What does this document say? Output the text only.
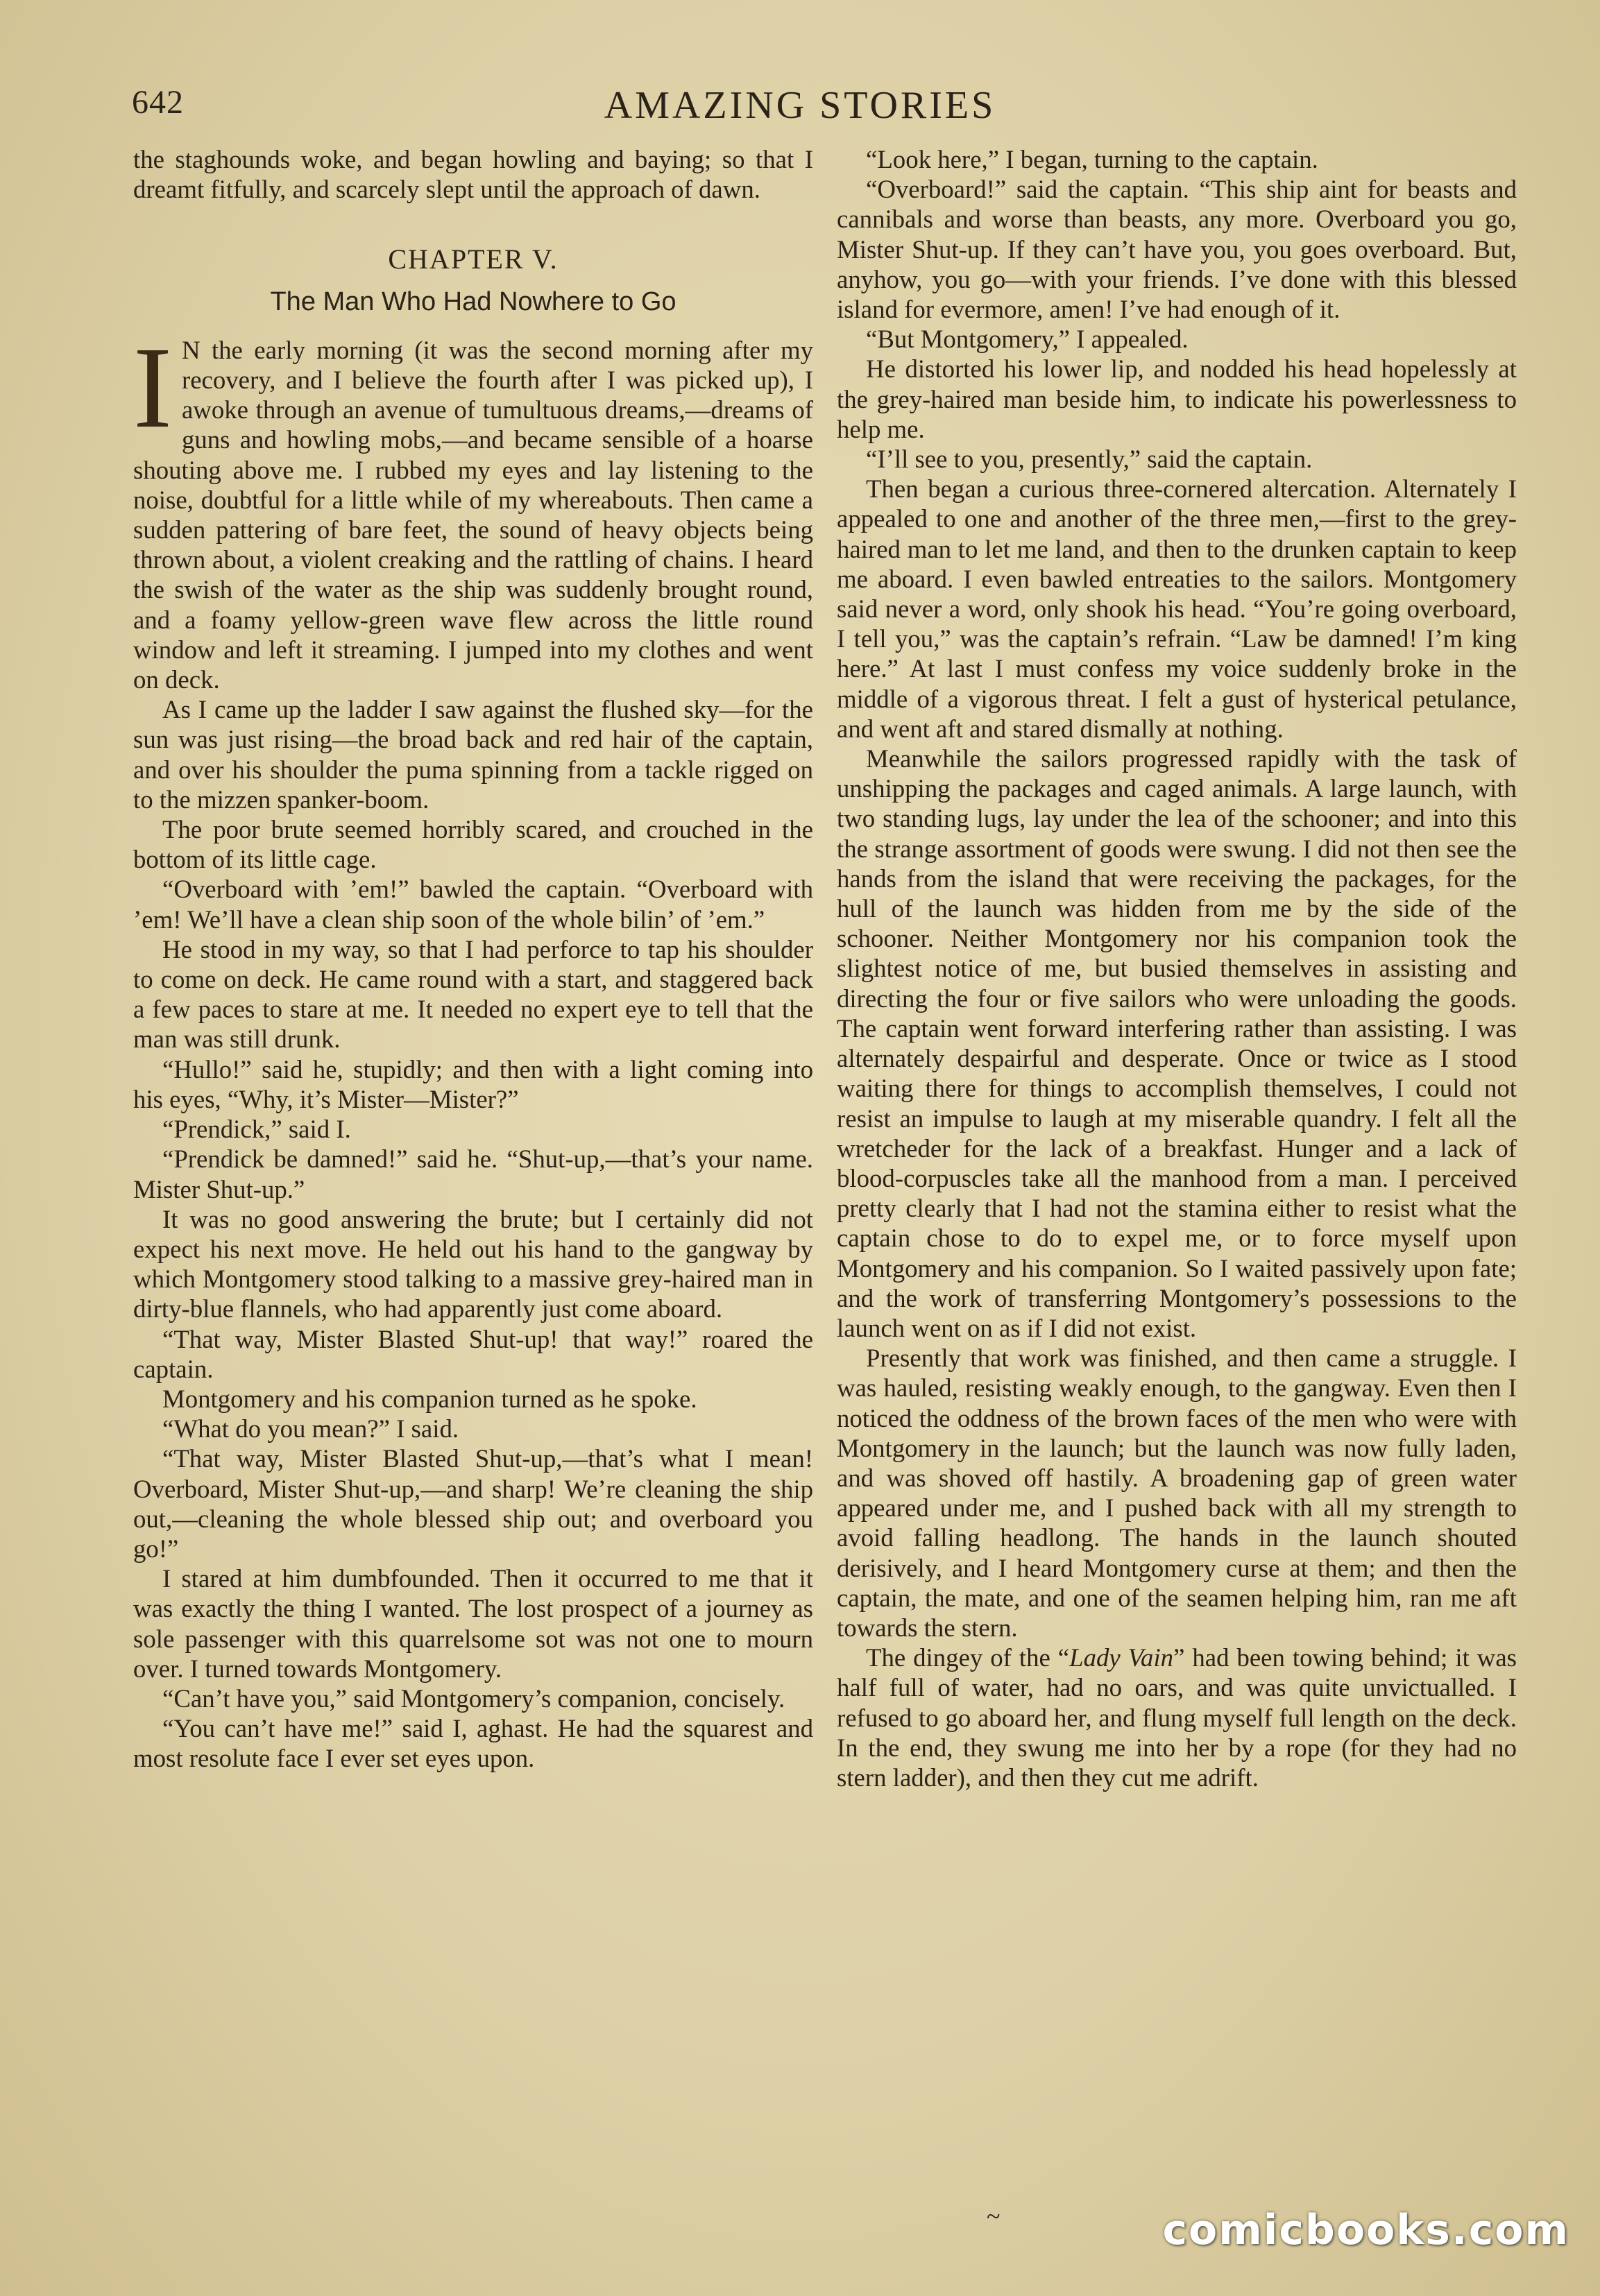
642	AMAZING STORIES

the staghounds woke, and began howling and baying; so that I dreamt fitfully, and scarcely slept until the approach of dawn.

CHAPTER V.
The Man Who Had Nowhere to Go

I N the early morning (it was the second morning after my recovery, and I believe the fourth after I was picked up), I awoke through an avenue of tumultuous dreams,—dreams of guns and howling mobs,—and became sensible of a hoarse shouting above me. I rubbed my eyes and lay listening to the noise, doubtful for a little while of my whereabouts. Then came a sudden pattering of bare feet, the sound of heavy objects being thrown about, a violent creaking and the rattling of chains. I heard the swish of the water as the ship was suddenly brought round, and a foamy yellow-green wave flew across the little round window and left it streaming. I jumped into my clothes and went on deck.

As I came up the ladder I saw against the flushed sky—for the sun was just rising—the broad back and red hair of the captain, and over his shoulder the puma spinning from a tackle rigged on to the mizzen spanker-boom.

The poor brute seemed horribly scared, and crouched in the bottom of its little cage.

“Overboard with ’em!” bawled the captain. “Overboard with ’em! We’ll have a clean ship soon of the whole bilin’ of ’em.”

He stood in my way, so that I had perforce to tap his shoulder to come on deck. He came round with a start, and staggered back a few paces to stare at me. It needed no expert eye to tell that the man was still drunk.

“Hullo!” said he, stupidly; and then with a light coming into his eyes, “Why, it’s Mister—Mister?”

“Prendick,” said I.

“Prendick be damned!” said he. “Shut-up,—that’s your name. Mister Shut-up.”

It was no good answering the brute; but I certainly did not expect his next move. He held out his hand to the gangway by which Montgomery stood talking to a massive grey-haired man in dirty-blue flannels, who had apparently just come aboard.

“That way, Mister Blasted Shut-up! that way!” roared the captain.

Montgomery and his companion turned as he spoke.

“What do you mean?” I said.

“That way, Mister Blasted Shut-up,—that’s what I mean! Overboard, Mister Shut-up,—and sharp! We’re cleaning the ship out,—cleaning the whole blessed ship out; and overboard you go!”

I stared at him dumbfounded. Then it occurred to me that it was exactly the thing I wanted. The lost prospect of a journey as sole passenger with this quarrelsome sot was not one to mourn over. I turned towards Montgomery.

“Can’t have you,” said Montgomery’s companion, concisely.

“You can’t have me!” said I, aghast. He had the squarest and most resolute face I ever set eyes upon.

“Look here,” I began, turning to the captain.

“Overboard!” said the captain. “This ship aint for beasts and cannibals and worse than beasts, any more. Overboard you go, Mister Shut-up. If they can’t have you, you goes overboard. But, anyhow, you go—with your friends. I’ve done with this blessed island for evermore, amen! I’ve had enough of it.

“But Montgomery,” I appealed.

He distorted his lower lip, and nodded his head hopelessly at the grey-haired man beside him, to indicate his powerlessness to help me.

“I’ll see to you, presently,” said the captain.

Then began a curious three-cornered altercation. Alternately I appealed to one and another of the three men,—first to the grey-haired man to let me land, and then to the drunken captain to keep me aboard. I even bawled entreaties to the sailors. Montgomery said never a word, only shook his head. “You’re going overboard, I tell you,” was the captain’s refrain. “Law be damned! I’m king here.” At last I must confess my voice suddenly broke in the middle of a vigorous threat. I felt a gust of hysterical petulance, and went aft and stared dismally at nothing.

Meanwhile the sailors progressed rapidly with the task of unshipping the packages and caged animals. A large launch, with two standing lugs, lay under the lea of the schooner; and into this the strange assortment of goods were swung. I did not then see the hands from the island that were receiving the packages, for the hull of the launch was hidden from me by the side of the schooner. Neither Montgomery nor his companion took the slightest notice of me, but busied themselves in assisting and directing the four or five sailors who were unloading the goods. The captain went forward interfering rather than assisting. I was alternately despairful and desperate. Once or twice as I stood waiting there for things to accomplish themselves, I could not resist an impulse to laugh at my miserable quandry. I felt all the wretcheder for the lack of a breakfast. Hunger and a lack of blood-corpuscles take all the manhood from a man. I perceived pretty clearly that I had not the stamina either to resist what the captain chose to do to expel me, or to force myself upon Montgomery and his companion. So I waited passively upon fate; and the work of transferring Montgomery’s possessions to the launch went on as if I did not exist.

Presently that work was finished, and then came a struggle. I was hauled, resisting weakly enough, to the gangway. Even then I noticed the oddness of the brown faces of the men who were with Montgomery in the launch; but the launch was now fully laden, and was shoved off hastily. A broadening gap of green water appeared under me, and I pushed back with all my strength to avoid falling headlong. The hands in the launch shouted derisively, and I heard Montgomery curse at them; and then the captain, the mate, and one of the seamen helping him, ran me aft towards the stern.

The dingey of the “Lady Vain” had been towing behind; it was half full of water, had no oars, and was quite unvictualled. I refused to go aboard her, and flung myself full length on the deck. In the end, they swung me into her by a rope (for they had no stern ladder), and then they cut me adrift.

~	comicbooks.com
